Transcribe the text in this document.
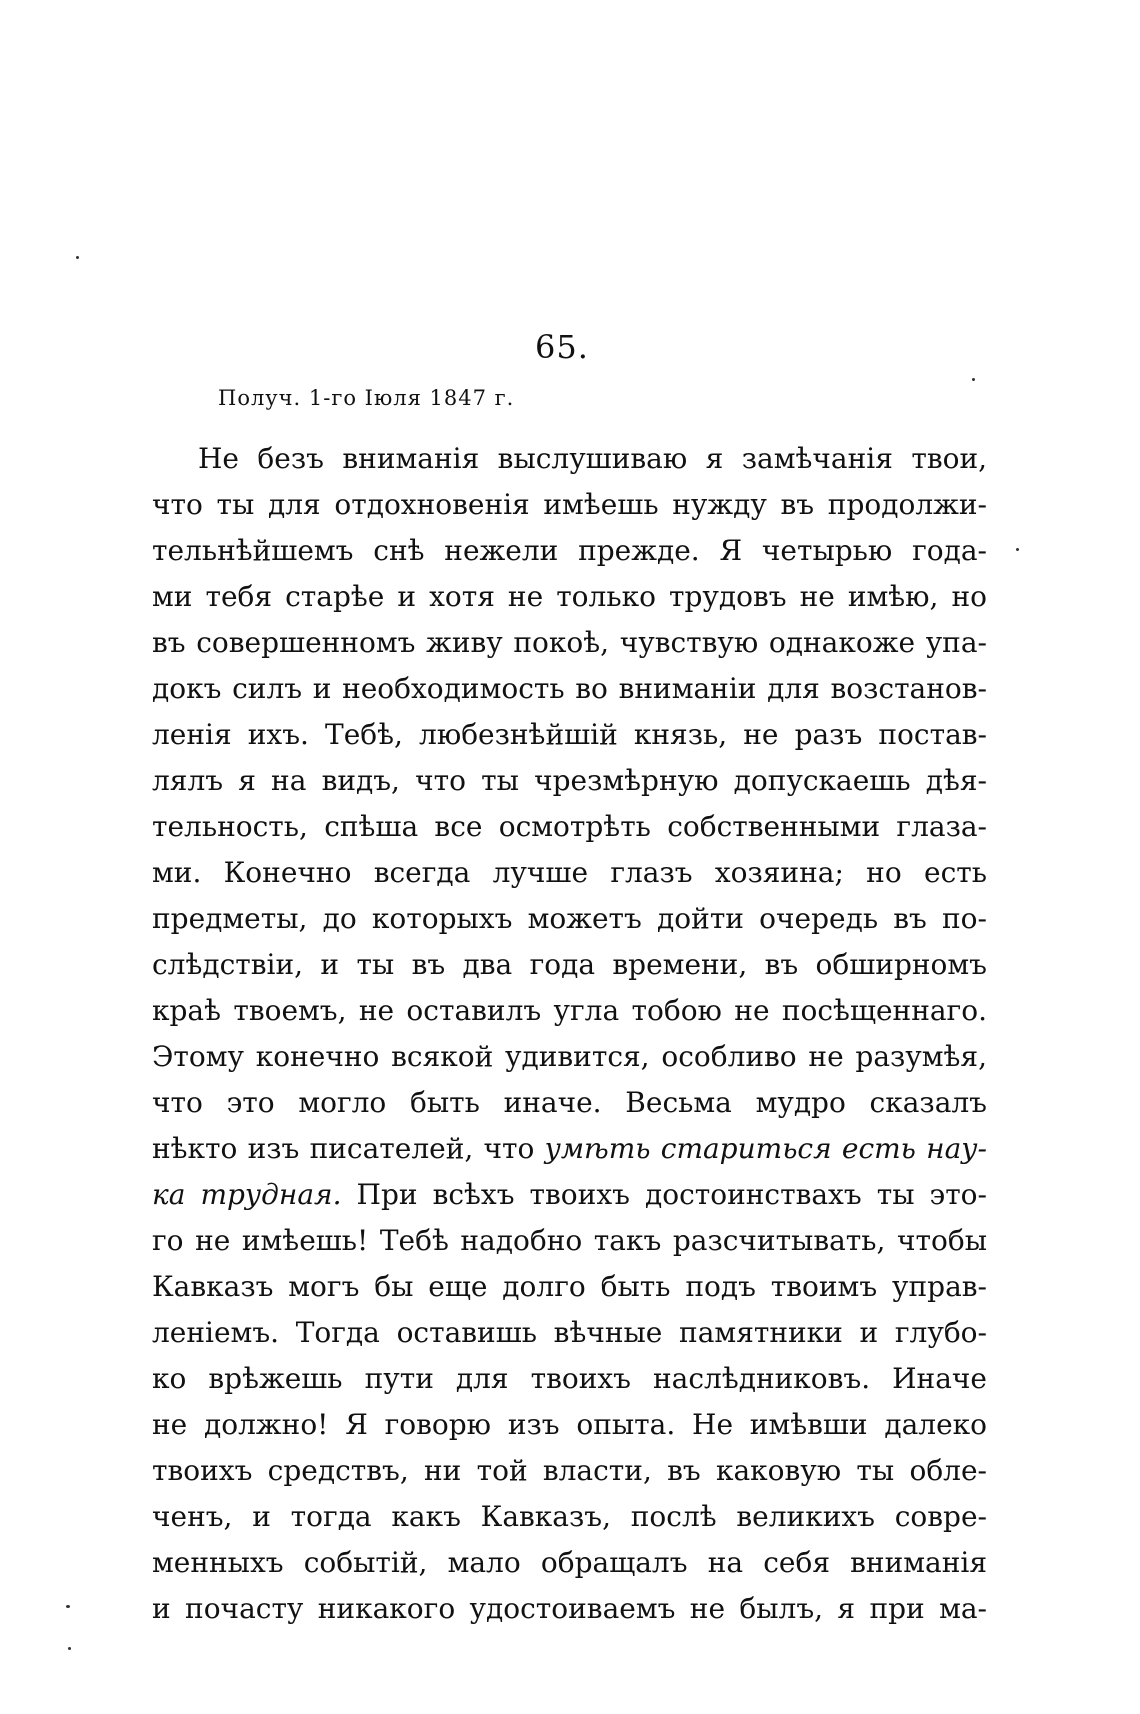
65.
Получ. 1-го Іюля 1847 г.
Не безъ вниманія выслушиваю я замѣчанія твои,
что ты для отдохновенія имѣешь нужду въ продолжи-
тельнѣйшемъ снѣ нежели прежде. Я четырью года-
ми тебя старѣе и хотя не только трудовъ не имѣю, но
въ совершенномъ живу покоѣ, чувствую однакоже упа-
докъ силъ и необходимость во вниманіи для возстанов-
ленія ихъ. Тебѣ, любезнѣйшій князь, не разъ постав-
лялъ я на видъ, что ты чрезмѣрную допускаешь дѣя-
тельность, спѣша все осмотрѣть собственными глаза-
ми. Конечно всегда лучше глазъ хозяина; но есть
предметы, до которыхъ можетъ дойти очередь въ по-
слѣдствіи, и ты въ два года времени, въ обширномъ
краѣ твоемъ, не оставилъ угла тобою не посѣщеннаго.
Этому конечно всякой удивится, особливо не разумѣя,
что это могло быть иначе. Весьма мудро сказалъ
нѣкто изъ писателей, что умѣть стариться есть нау-
ка трудная. При всѣхъ твоихъ достоинствахъ ты это-
го не имѣешь! Тебѣ надобно такъ разсчитывать, чтобы
Кавказъ могъ бы еще долго быть подъ твоимъ управ-
леніемъ. Тогда оставишь вѣчные памятники и глубо-
ко врѣжешь пути для твоихъ наслѣдниковъ. Иначе
не должно! Я говорю изъ опыта. Не имѣвши далеко
твоихъ средствъ, ни той власти, въ каковую ты обле-
ченъ, и тогда какъ Кавказъ, послѣ великихъ совре-
менныхъ событій, мало обращалъ на себя вниманія
и почасту никакого удостоиваемъ не былъ, я при ма-
